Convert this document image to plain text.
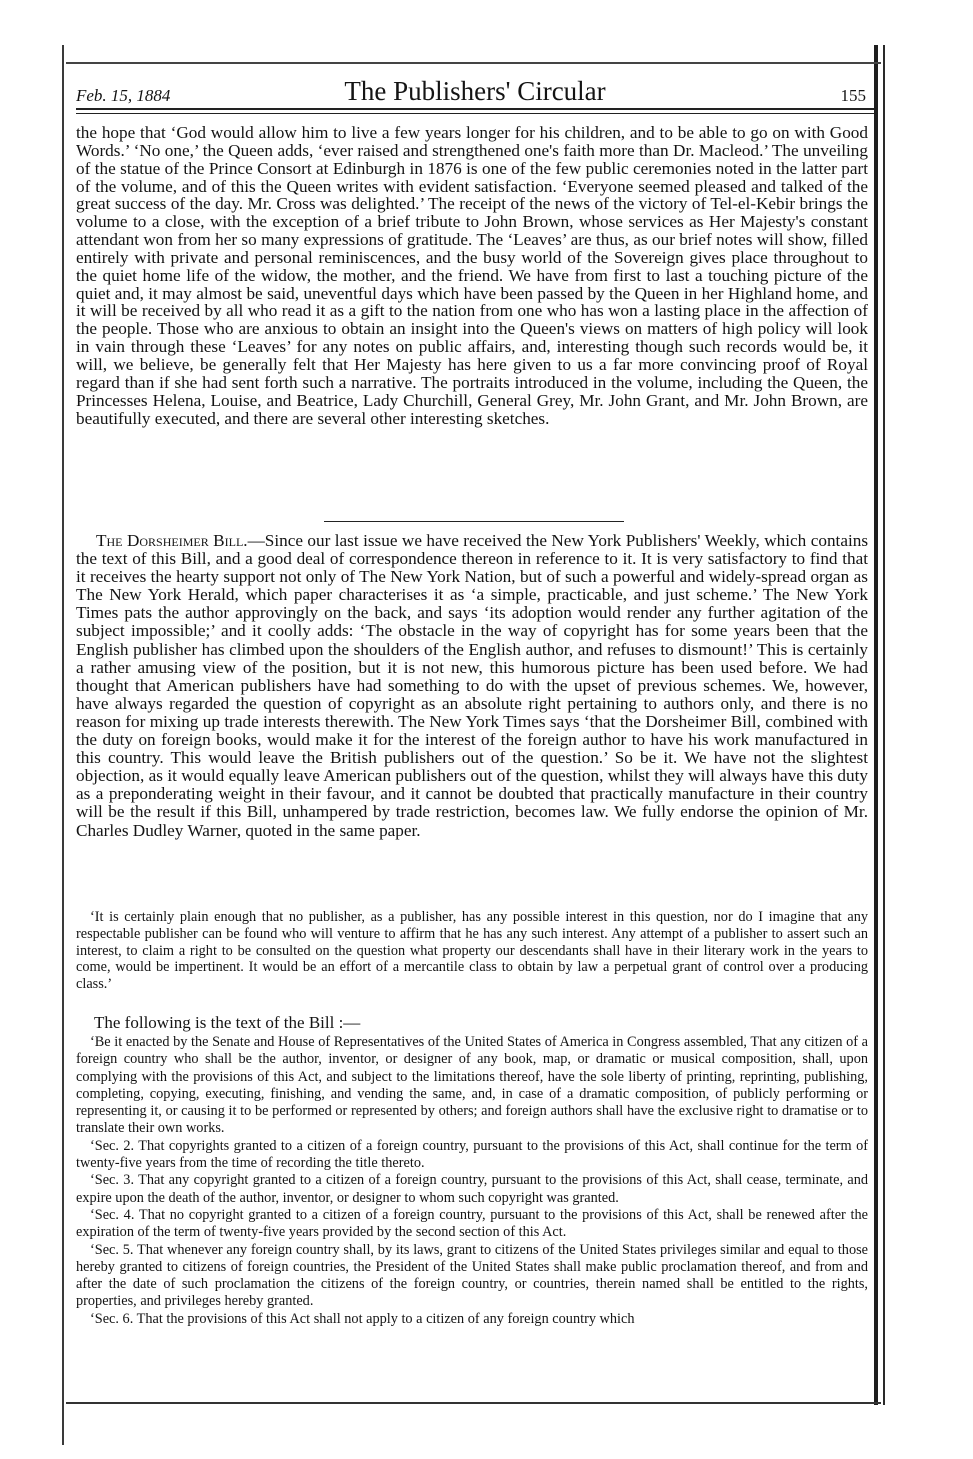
Feb. 15, 1884	The Publishers' Circular	155

the hope that ‘God would allow him to live a few years longer for his children, and to be able to go on with Good Words.’ ‘No one,’ the Queen adds, ‘ever raised and strengthened one's faith more than Dr. Macleod.’ The unveiling of the statue of the Prince Consort at Edinburgh in 1876 is one of the few public ceremonies noted in the latter part of the volume, and of this the Queen writes with evident satisfaction. ‘Everyone seemed pleased and talked of the great success of the day. Mr. Cross was delighted.’ The receipt of the news of the victory of Tel-el-Kebir brings the volume to a close, with the exception of a brief tribute to John Brown, whose services as Her Majesty's constant attendant won from her so many expressions of gratitude. The ‘Leaves’ are thus, as our brief notes will show, filled entirely with private and personal reminiscences, and the busy world of the Sovereign gives place throughout to the quiet home life of the widow, the mother, and the friend. We have from first to last a touching picture of the quiet and, it may almost be said, uneventful days which have been passed by the Queen in her Highland home, and it will be received by all who read it as a gift to the nation from one who has won a lasting place in the affection of the people. Those who are anxious to obtain an insight into the Queen's views on matters of high policy will look in vain through these ‘Leaves’ for any notes on public affairs, and, interesting though such records would be, it will, we believe, be generally felt that Her Majesty has here given to us a far more convincing proof of Royal regard than if she had sent forth such a narrative. The portraits introduced in the volume, including the Queen, the Princesses Helena, Louise, and Beatrice, Lady Churchill, General Grey, Mr. John Grant, and Mr. John Brown, are beautifully executed, and there are several other interesting sketches.

The Dorsheimer Bill.—Since our last issue we have received the New York Publishers' Weekly, which contains the text of this Bill, and a good deal of correspondence thereon in reference to it. It is very satisfactory to find that it receives the hearty support not only of The New York Nation, but of such a powerful and widely-spread organ as The New York Herald, which paper characterises it as ‘a simple, practicable, and just scheme.’ The New York Times pats the author approvingly on the back, and says ‘its adoption would render any further agitation of the subject impossible;’ and it coolly adds: ‘The obstacle in the way of copyright has for some years been that the English publisher has climbed upon the shoulders of the English author, and refuses to dismount!’ This is certainly a rather amusing view of the position, but it is not new, this humorous picture has been used before. We had thought that American publishers have had something to do with the upset of previous schemes. We, however, have always regarded the question of copyright as an absolute right pertaining to authors only, and there is no reason for mixing up trade interests therewith. The New York Times says ‘that the Dorsheimer Bill, combined with the duty on foreign books, would make it for the interest of the foreign author to have his work manufactured in this country. This would leave the British publishers out of the question.’ So be it. We have not the slightest objection, as it would equally leave American publishers out of the question, whilst they will always have this duty as a preponderating weight in their favour, and it cannot be doubted that practically manufacture in their country will be the result if this Bill, unhampered by trade restriction, becomes law. We fully endorse the opinion of Mr. Charles Dudley Warner, quoted in the same paper.

‘It is certainly plain enough that no publisher, as a publisher, has any possible interest in this question, nor do I imagine that any respectable publisher can be found who will venture to affirm that he has any such interest. Any attempt of a publisher to assert such an interest, to claim a right to be consulted on the question what property our descendants shall have in their literary work in the years to come, would be impertinent. It would be an effort of a mercantile class to obtain by law a perpetual grant of control over a producing class.’

The following is the text of the Bill :—

‘Be it enacted by the Senate and House of Representatives of the United States of America in Congress assembled, That any citizen of a foreign country who shall be the author, inventor, or designer of any book, map, or dramatic or musical composition, shall, upon complying with the provisions of this Act, and subject to the limitations thereof, have the sole liberty of printing, reprinting, publishing, completing, copying, executing, finishing, and vending the same, and, in case of a dramatic composition, of publicly performing or representing it, or causing it to be performed or represented by others; and foreign authors shall have the exclusive right to dramatise or to translate their own works.

‘Sec. 2. That copyrights granted to a citizen of a foreign country, pursuant to the provisions of this Act, shall continue for the term of twenty-five years from the time of recording the title thereto.

‘Sec. 3. That any copyright granted to a citizen of a foreign country, pursuant to the provisions of this Act, shall cease, terminate, and expire upon the death of the author, inventor, or designer to whom such copyright was granted.

‘Sec. 4. That no copyright granted to a citizen of a foreign country, pursuant to the provisions of this Act, shall be renewed after the expiration of the term of twenty-five years provided by the second section of this Act.

‘Sec. 5. That whenever any foreign country shall, by its laws, grant to citizens of the United States privileges similar and equal to those hereby granted to citizens of foreign countries, the President of the United States shall make public proclamation thereof, and from and after the date of such proclamation the citizens of the foreign country, or countries, therein named shall be entitled to the rights, properties, and privileges hereby granted.

‘Sec. 6. That the provisions of this Act shall not apply to a citizen of any foreign country which
